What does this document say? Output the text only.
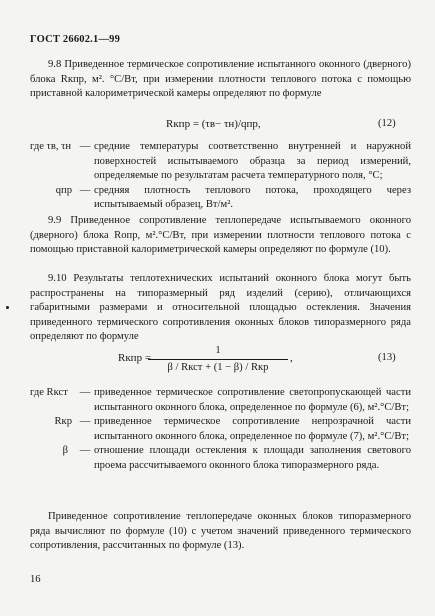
ГОСТ 26602.1—99
9.8 Приведенное термическое сопротивление испытанного оконного (дверного) блока Rкпр, м². °С/Вт, при измерении плотности теплового потока с помощью приставной калориметрической камеры определяют по формуле
Rкпр = (τв− τн)/qпр,	(12)
где τв, τн — средние температуры соответственно внутренней и наружной поверхностей испытываемого образца за период измерений, определяемые по результатам расчета температурного поля, °С;
qпр — средняя плотность теплового потока, проходящего через испытываемый образец, Вт/м².
9.9 Приведенное сопротивление теплопередаче испытываемого оконного (дверного) блока Rопр, м².°С/Вт, при измерении плотности теплового потока с помощью приставной калориметрической камеры определяют по формуле (10).
9.10 Результаты теплотехнических испытаний оконного блока могут быть распространены на типоразмерный ряд изделий (серию), отличающихся габаритными размерами и относительной площадью остекления. Значения приведенного термического сопротивления оконных блоков типоразмерного ряда определяют по формуле
Rкпр =
1
β / Rкст + (1 − β) / Rкр
,	(13)
где Rкст	— приведенное термическое сопротивление светопропускающей части испытанного оконного блока, определенное по формуле (6), м².°С/Вт;
Rкр — приведенное термическое сопротивление непрозрачной части испытанного оконного блока, определенное по формуле (7), м².°С/Вт;
β	— отношение площади остекления к площади заполнения светового проема рассчитываемого оконного блока типоразмерного ряда.
Приведенное сопротивление теплопередаче оконных блоков типоразмерного ряда вычисляют по формуле (10) с учетом значений приведенного термического сопротивления, рассчитанных по формуле (13).
16
